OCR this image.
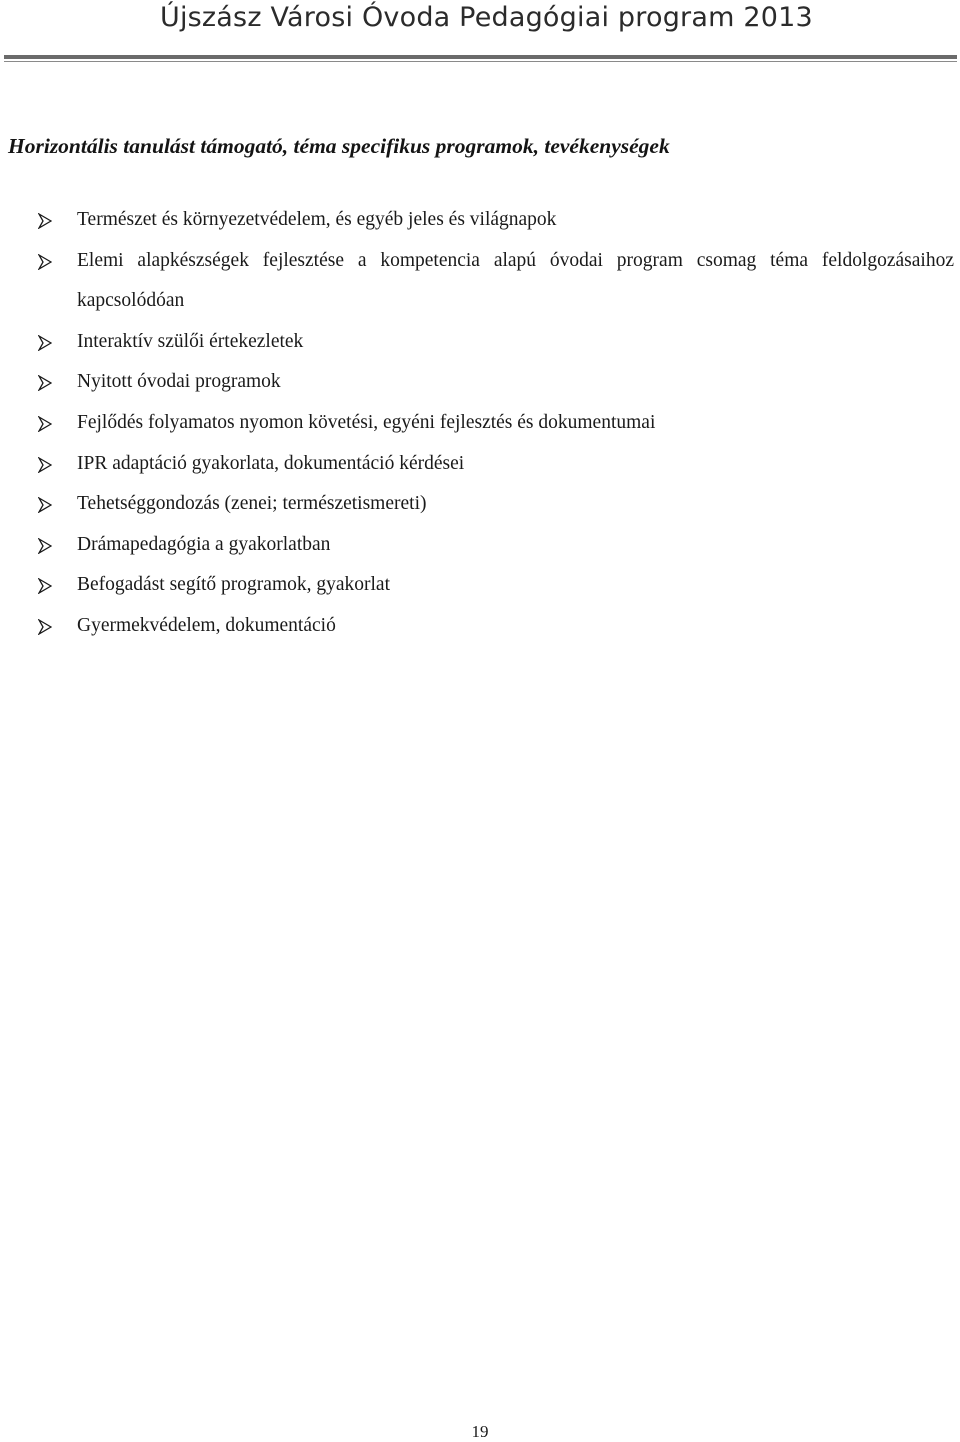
Újszász Városi Óvoda Pedagógiai program 2013
Horizontális tanulást támogató, téma specifikus programok, tevékenységek
Természet és környezetvédelem, és egyéb jeles és világnapok
Elemi alapkészségek fejlesztése a kompetencia alapú óvodai program csomag téma feldolgozásaihoz kapcsolódóan
Interaktív szülői értekezletek
Nyitott óvodai programok
Fejlődés folyamatos nyomon követési, egyéni fejlesztés és dokumentumai
IPR adaptáció gyakorlata, dokumentáció kérdései
Tehetséggondozás (zenei; természetismereti)
Drámapedagógia a gyakorlatban
Befogadást segítő programok, gyakorlat
Gyermekvédelem, dokumentáció
19
